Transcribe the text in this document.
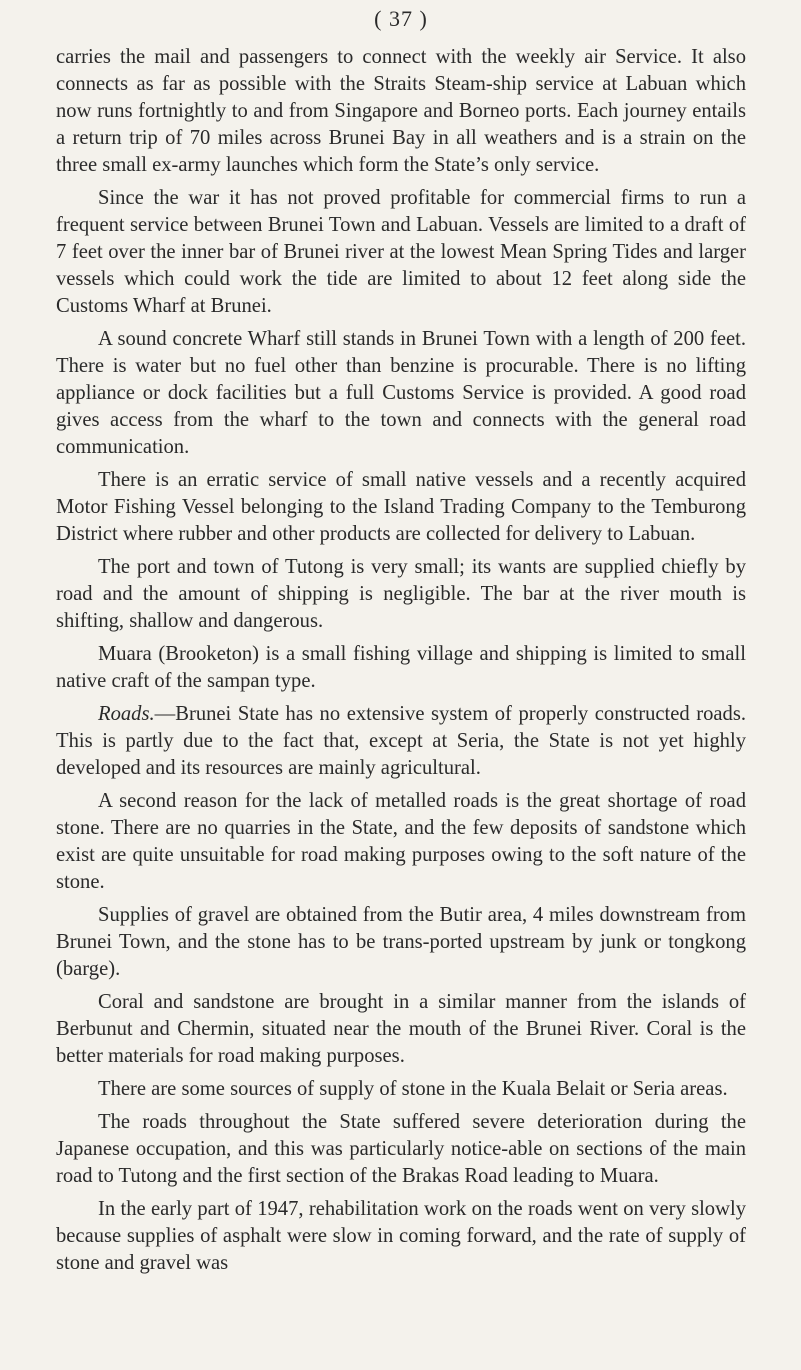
( 37 )

carries the mail and passengers to connect with the weekly air Service. It also connects as far as possible with the Straits Steam-ship service at Labuan which now runs fortnightly to and from Singapore and Borneo ports. Each journey entails a return trip of 70 miles across Brunei Bay in all weathers and is a strain on the three small ex-army launches which form the State’s only service.

Since the war it has not proved profitable for commercial firms to run a frequent service between Brunei Town and Labuan. Vessels are limited to a draft of 7 feet over the inner bar of Brunei river at the lowest Mean Spring Tides and larger vessels which could work the tide are limited to about 12 feet along side the Customs Wharf at Brunei.

A sound concrete Wharf still stands in Brunei Town with a length of 200 feet. There is water but no fuel other than benzine is procurable. There is no lifting appliance or dock facilities but a full Customs Service is provided. A good road gives access from the wharf to the town and connects with the general road communication.

There is an erratic service of small native vessels and a recently acquired Motor Fishing Vessel belonging to the Island Trading Company to the Temburong District where rubber and other products are collected for delivery to Labuan.

The port and town of Tutong is very small; its wants are supplied chiefly by road and the amount of shipping is negligible. The bar at the river mouth is shifting, shallow and dangerous.

Muara (Brooketon) is a small fishing village and shipping is limited to small native craft of the sampan type.

Roads.—Brunei State has no extensive system of properly constructed roads. This is partly due to the fact that, except at Seria, the State is not yet highly developed and its resources are mainly agricultural.

A second reason for the lack of metalled roads is the great shortage of road stone. There are no quarries in the State, and the few deposits of sandstone which exist are quite unsuitable for road making purposes owing to the soft nature of the stone.

Supplies of gravel are obtained from the Butir area, 4 miles downstream from Brunei Town, and the stone has to be trans-ported upstream by junk or tongkong (barge).

Coral and sandstone are brought in a similar manner from the islands of Berbunut and Chermin, situated near the mouth of the Brunei River. Coral is the better materials for road making purposes.

There are some sources of supply of stone in the Kuala Belait or Seria areas.

The roads throughout the State suffered severe deterioration during the Japanese occupation, and this was particularly notice-able on sections of the main road to Tutong and the first section of the Brakas Road leading to Muara.

In the early part of 1947, rehabilitation work on the roads went on very slowly because supplies of asphalt were slow in coming forward, and the rate of supply of stone and gravel was
